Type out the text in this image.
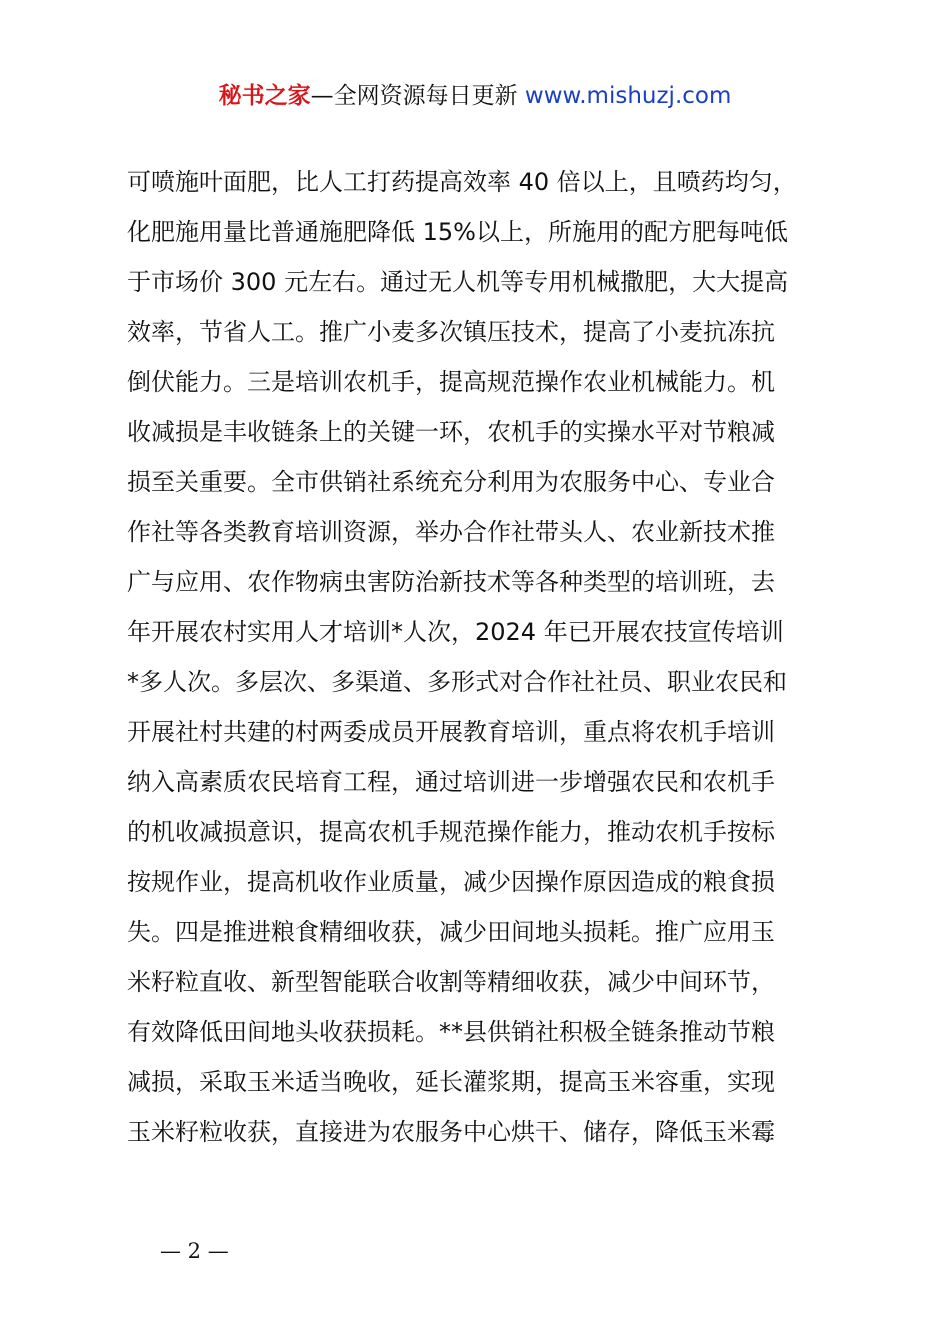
秘书之家—全网资源每日更新 www.mishuzj.com
可喷施叶面肥，比人工打药提高效率 40 倍以上，且喷药均匀，
化肥施用量比普通施肥降低 15%以上，所施用的配方肥每吨低
于市场价 300 元左右。通过无人机等专用机械撒肥，大大提高
效率，节省人工。推广小麦多次镇压技术，提高了小麦抗冻抗
倒伏能力。三是培训农机手，提高规范操作农业机械能力。机
收减损是丰收链条上的关键一环，农机手的实操水平对节粮减
损至关重要。全市供销社系统充分利用为农服务中心、专业合
作社等各类教育培训资源，举办合作社带头人、农业新技术推
广与应用、农作物病虫害防治新技术等各种类型的培训班，去
年开展农村实用人才培训*人次，2024 年已开展农技宣传培训
*多人次。多层次、多渠道、多形式对合作社社员、职业农民和
开展社村共建的村两委成员开展教育培训，重点将农机手培训
纳入高素质农民培育工程，通过培训进一步增强农民和农机手
的机收减损意识，提高农机手规范操作能力，推动农机手按标
按规作业，提高机收作业质量，减少因操作原因造成的粮食损
失。四是推进粮食精细收获，减少田间地头损耗。推广应用玉
米籽粒直收、新型智能联合收割等精细收获，减少中间环节，
有效降低田间地头收获损耗。**县供销社积极全链条推动节粮
减损，采取玉米适当晚收，延长灌浆期，提高玉米容重，实现
玉米籽粒收获，直接进为农服务中心烘干、储存，降低玉米霉
— 2 —
